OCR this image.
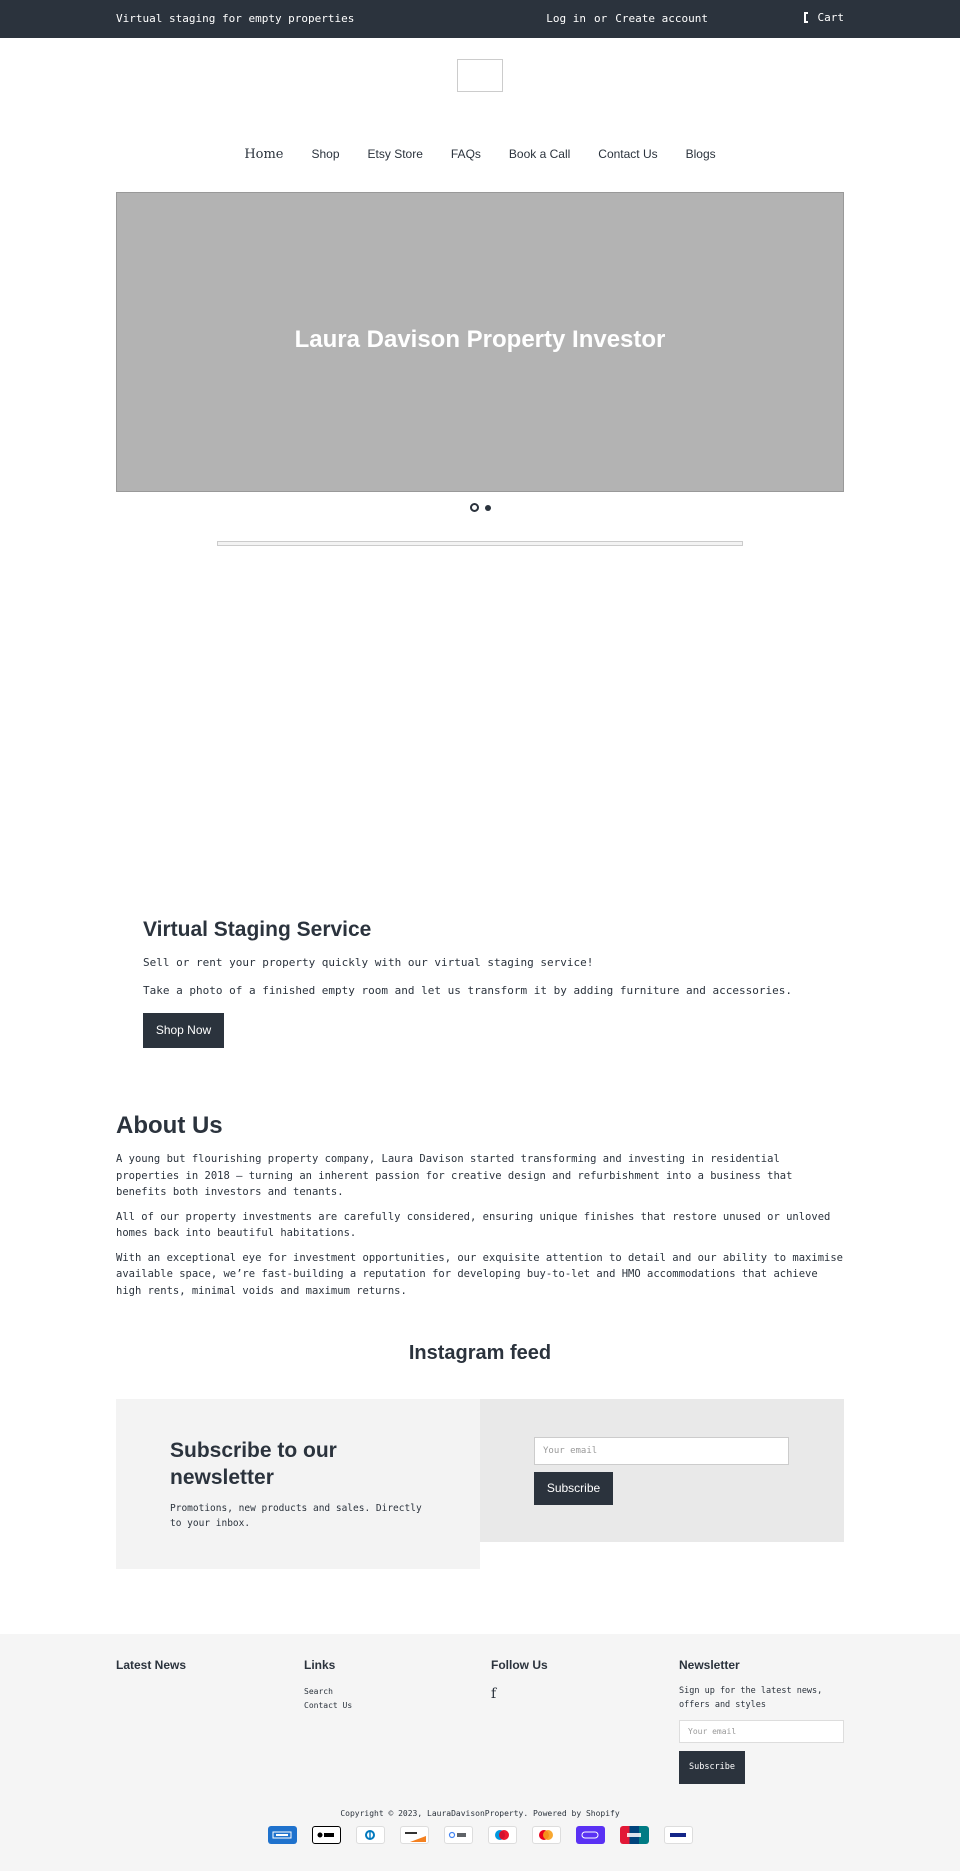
Virtual staging for empty properties	Log in or Create account	Cart
Home Shop Etsy Store FAQs Book a Call Contact Us Blogs
Laura Davison Property Investor
Virtual Staging Service

Sell or rent your property quickly with our virtual staging service!

Take a photo of a finished empty room and let us transform it by adding furniture and accessories.

Shop Now
About Us

A young but flourishing property company, Laura Davison started transforming and investing in residential properties in 2018 – turning an inherent passion for creative design and refurbishment into a business that benefits both investors and tenants.

All of our property investments are carefully considered, ensuring unique finishes that restore unused or unloved homes back into beautiful habitations.

With an exceptional eye for investment opportunities, our exquisite attention to detail and our ability to maximise available space, we’re fast-building a reputation for developing buy-to-let and HMO accommodations that achieve high rents, minimal voids and maximum returns.

Instagram feed
Subscribe to our newsletter

Promotions, new products and sales. Directly to your inbox.

Your email
Subscribe
Latest News	Links
Search
Contact Us
Follow Us
f
Newsletter

Sign up for the latest news, offers and styles

Your email
Subscribe
Copyright © 2023, LauraDavisonProperty. Powered by Shopify
